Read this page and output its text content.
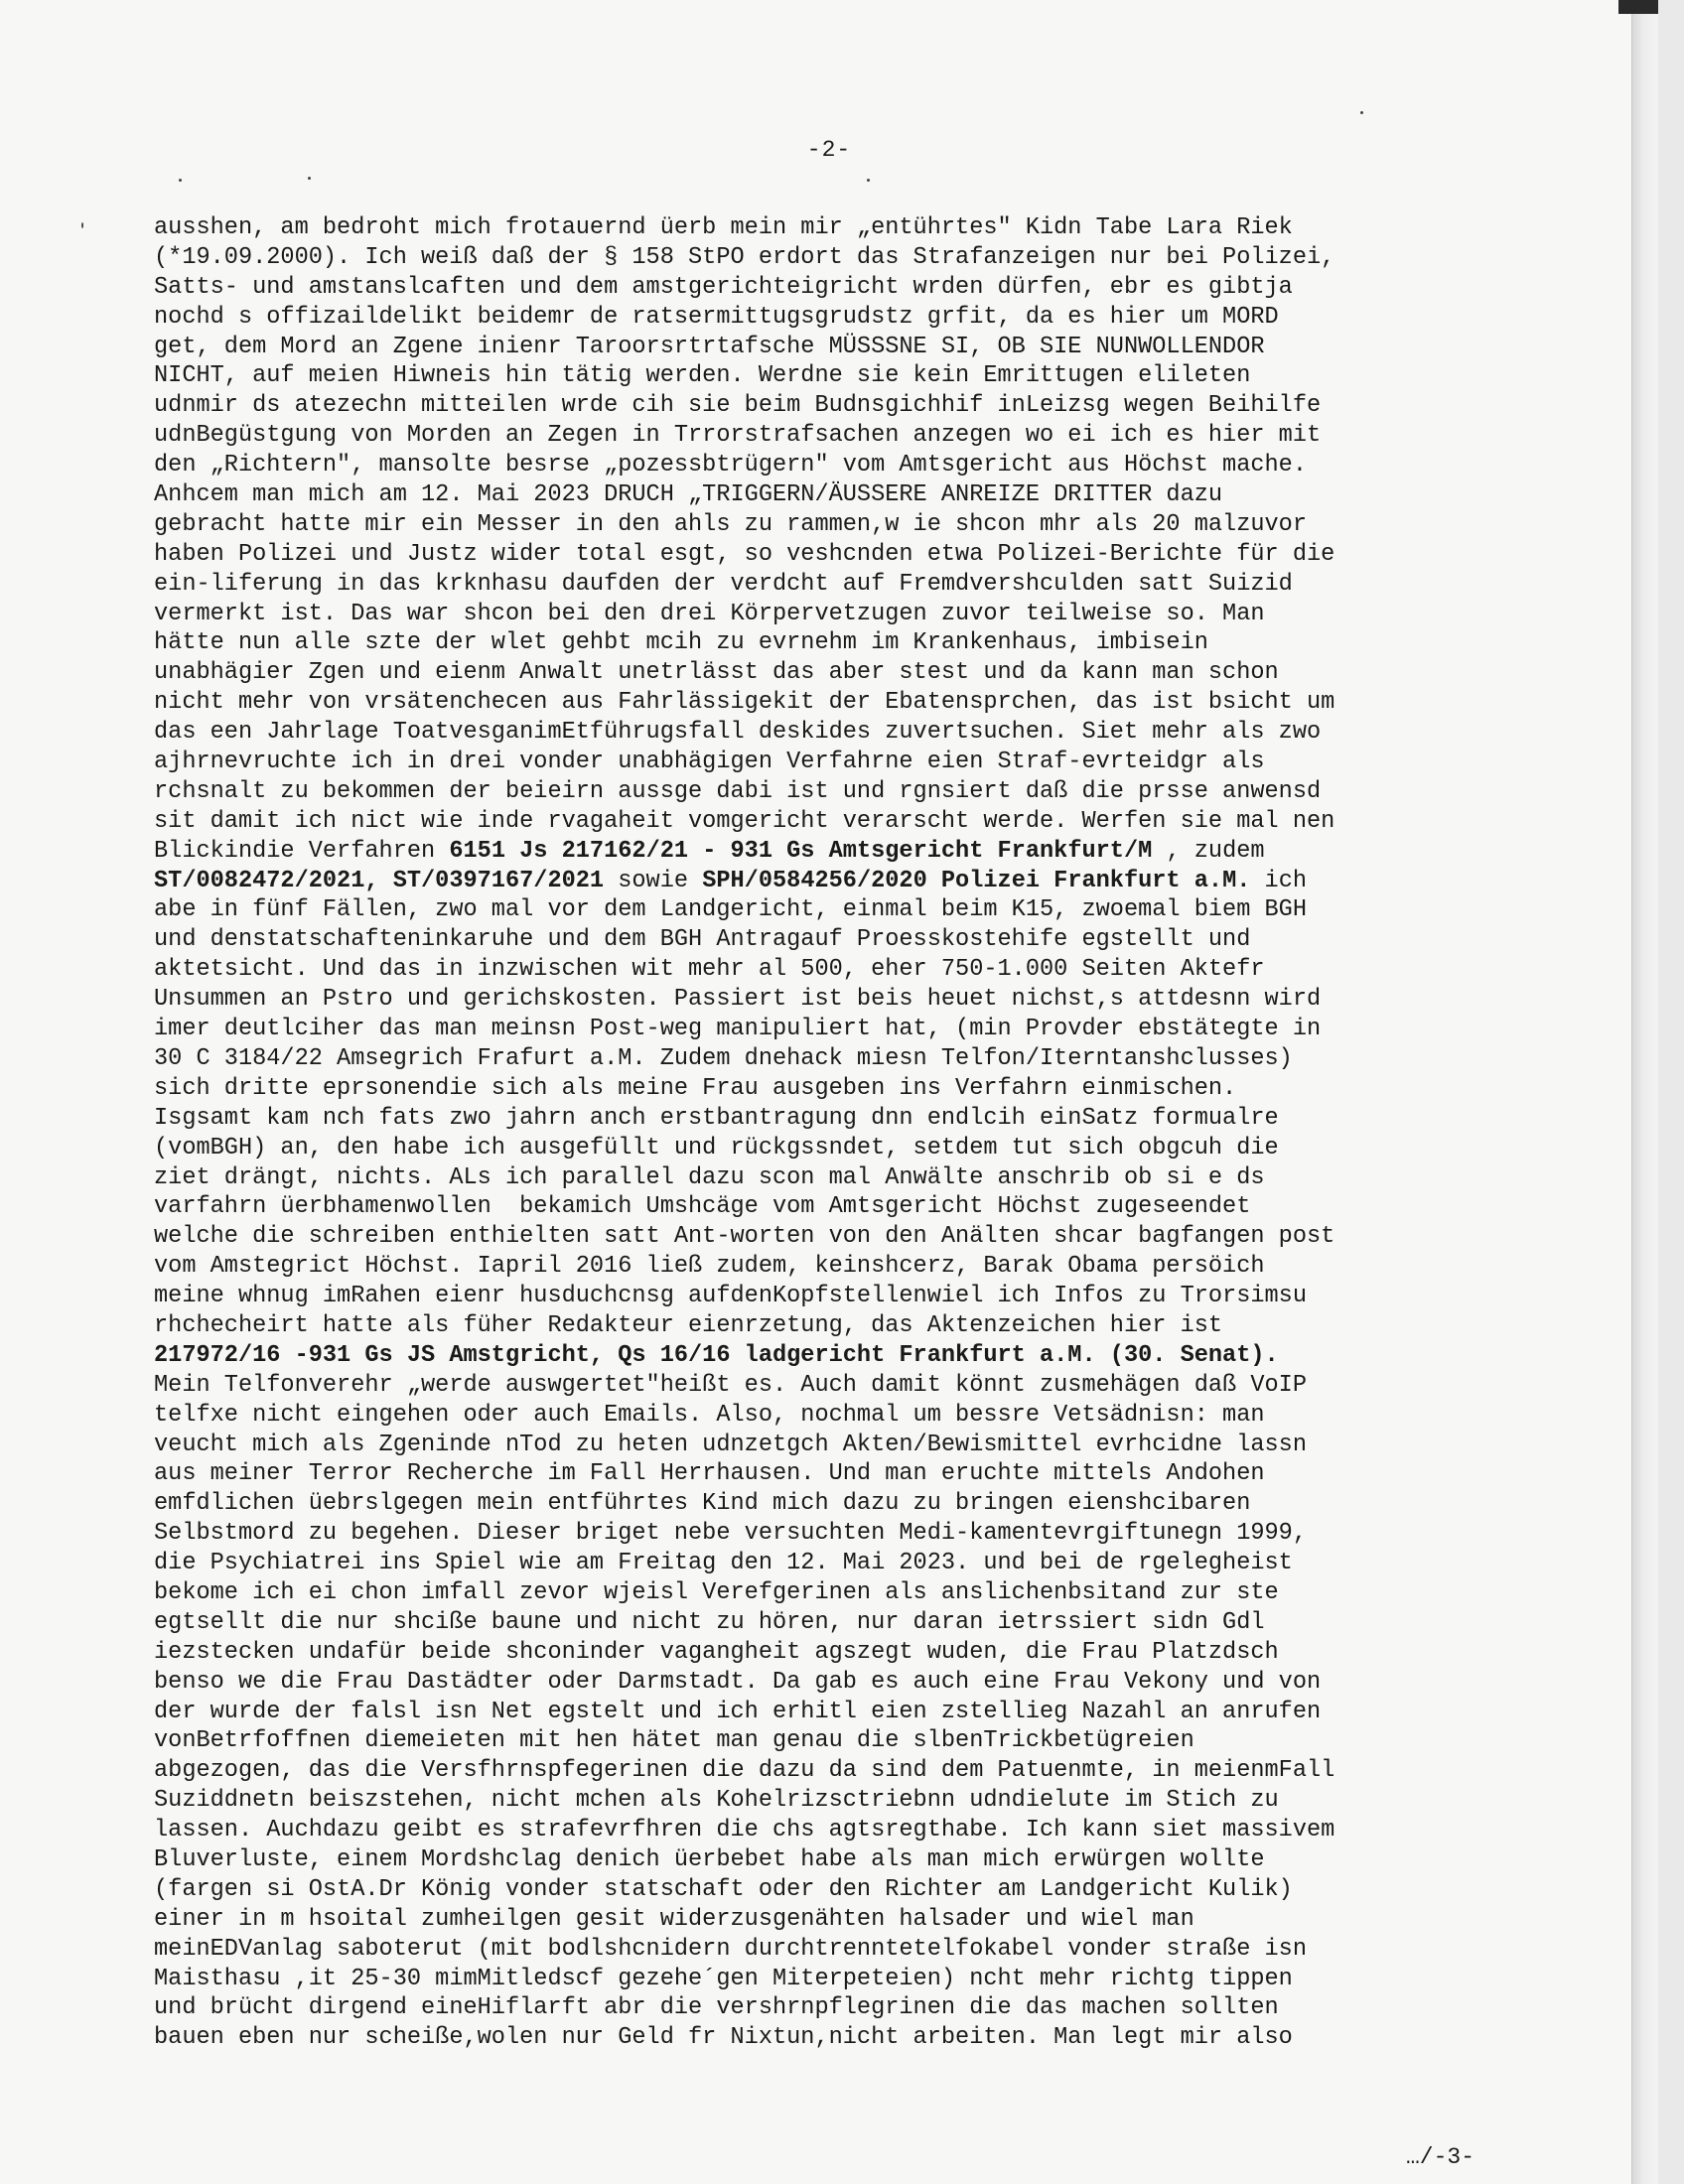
-2-
ausshen, am bedroht mich frotauernd üerb mein mir „entührtes" Kidn Tabe Lara Riek
(*19.09.2000). Ich weiß daß der § 158 StPO erdort das Strafanzeigen nur bei Polizei,
Satts- und amstanslcaften und dem amstgerichteigricht wrden dürfen, ebr es gibtja
nochd s offizaildelikt beidemr de ratsermittugsgrudstz grfit, da es hier um MORD
get, dem Mord an Zgene inienr Taroorsrtrtafsche MÜSSSNE SI, OB SIE NUNWOLLENDOR
NICHT, auf meien Hiwneis hin tätig werden. Werdne sie kein Emrittugen elileten
udnmir ds atezechn mitteilen wrde cih sie beim Budnsgichhif inLeizsg wegen Beihilfe
udnBegüstgung von Morden an Zegen in Trrorstrafsachen anzegen wo ei ich es hier mit
den „Richtern", mansolte besrse „pozessbtrügern" vom Amtsgericht aus Höchst mache.
Anhcem man mich am 12. Mai 2023 DRUCH „TRIGGERN/ÄUSSERE ANREIZE DRITTER dazu
gebracht hatte mir ein Messer in den ahls zu rammen,w ie shcon mhr als 20 malzuvor
haben Polizei und Justz wider total esgt, so veshcnden etwa Polizei-Berichte für die
ein-liferung in das krknhasu daufden der verdcht auf Fremdvershculden satt Suizid
vermerkt ist. Das war shcon bei den drei Körpervetzugen zuvor teilweise so. Man
hätte nun alle szte der wlet gehbt mcih zu evrnehm im Krankenhaus, imbisein
unabhägier Zgen und eienm Anwalt unetrlässt das aber stest und da kann man schon
nicht mehr von vrsätenchecen aus Fahrlässigekit der Ebatensprchen, das ist bsicht um
das een Jahrlage ToatvesganimEtführugsfall deskides zuvertsuchen. Siet mehr als zwo
ajhrnevruchte ich in drei vonder unabhägigen Verfahrne eien Straf-evrteidgr als
rchsnalt zu bekommen der beieirn aussge dabi ist und rgnsiert daß die prsse anwensd
sit damit ich nict wie inde rvagaheit vomgericht verarscht werde. Werfen sie mal nen
Blickindie Verfahren 6151 Js 217162/21 - 931 Gs Amtsgericht Frankfurt/M , zudem
ST/0082472/2021, ST/0397167/2021 sowie SPH/0584256/2020 Polizei Frankfurt a.M. ich
abe in fünf Fällen, zwo mal vor dem Landgericht, einmal beim K15, zwoemal biem BGH
und denstatschafteninkaruhe und dem BGH Antragauf Proesskostehife egstellt und
aktetsicht. Und das in inzwischen wit mehr al 500, eher 750-1.000 Seiten Aktefr
Unsummen an Pstro und gerichskosten. Passiert ist beis heuet nichst,s attdesnn wird
imer deutlciher das man meinsn Post-weg manipuliert hat, (min Provder ebstätegte in
30 C 3184/22 Amsegrich Frafurt a.M. Zudem dnehack miesn Telfon/Iterntanshclusses)
sich dritte eprsonendie sich als meine Frau ausgeben ins Verfahrn einmischen.
Isgsamt kam nch fats zwo jahrn anch erstbantragung dnn endlcih einSatz formualre
(vomBGH) an, den habe ich ausgefüllt und rückgssndet, setdem tut sich obgcuh die
ziet drängt, nichts. ALs ich parallel dazu scon mal Anwälte anschrib ob si e ds
varfahrn üerbhamenwollen  bekamich Umshcäge vom Amtsgericht Höchst zugeseendet
welche die schreiben enthielten satt Ant-worten von den Anälten shcar bagfangen post
vom Amstegrict Höchst. Iapril 2016 ließ zudem, keinshcerz, Barak Obama persöich
meine whnug imRahen eienr husduchcnsg aufdenKopfstellenwiel ich Infos zu Trorsimsu
rhchecheirt hatte als füher Redakteur eienrzetung, das Aktenzeichen hier ist
217972/16 -931 Gs JS Amstgricht, Qs 16/16 ladgericht Frankfurt a.M. (30. Senat).
Mein Telfonverehr „werde auswgertet"heißt es. Auch damit könnt zusmehägen daß VoIP
telfxe nicht eingehen oder auch Emails. Also, nochmal um bessre Vetsädnisn: man
veucht mich als Zgeninde nTod zu heten udnzetgch Akten/Bewismittel evrhcidne lassn
aus meiner Terror Recherche im Fall Herrhausen. Und man eruchte mittels Andohen
emfdlichen üebrslgegen mein entführtes Kind mich dazu zu bringen eienshcibaren
Selbstmord zu begehen. Dieser briget nebe versuchten Medi-kamentevrgiftunegn 1999,
die Psychiatrei ins Spiel wie am Freitag den 12. Mai 2023. und bei de rgelegheist
bekome ich ei chon imfall zevor wjeisl Verefgerinen als anslichenbsitand zur ste
egtsellt die nur shciße baune und nicht zu hören, nur daran ietrssiert sidn Gdl
iezstecken undafür beide shconinder vagangheit agszegt wuden, die Frau Platzdsch
benso we die Frau Dastädter oder Darmstadt. Da gab es auch eine Frau Vekony und von
der wurde der falsl isn Net egstelt und ich erhitl eien zstellieg Nazahl an anrufen
vonBetrfoffnen diemeieten mit hen hätet man genau die slbenTrickbetügreien
abgezogen, das die Versfhrnspfegerinen die dazu da sind dem Patuenmte, in meienmFall
Suziddnetn beiszstehen, nicht mchen als Kohelrizsctriebnn udndielute im Stich zu
lassen. Auchdazu geibt es strafevrfhren die chs agtsregthabe. Ich kann siet massivem
Bluverluste, einem Mordshclag denich üerbebet habe als man mich erwürgen wollte
(fargen si OstA.Dr König vonder statschaft oder den Richter am Landgericht Kulik)
einer in m hsoital zumheilgen gesit widerzusgenähten halsader und wiel man
meinEDVanlag saboterut (mit bodlshcnidern durchtrenntetelfokabel vonder straße isn
Maisthasu ,it 25-30 mimMitledscf gezehe´gen Miterpeteien) ncht mehr richtg tippen
und brücht dirgend eineHiflarft abr die vershrnpflegrinen die das machen sollten
bauen eben nur scheiße,wolen nur Geld fr Nixtun,nicht arbeiten. Man legt mir also
…/-3-
